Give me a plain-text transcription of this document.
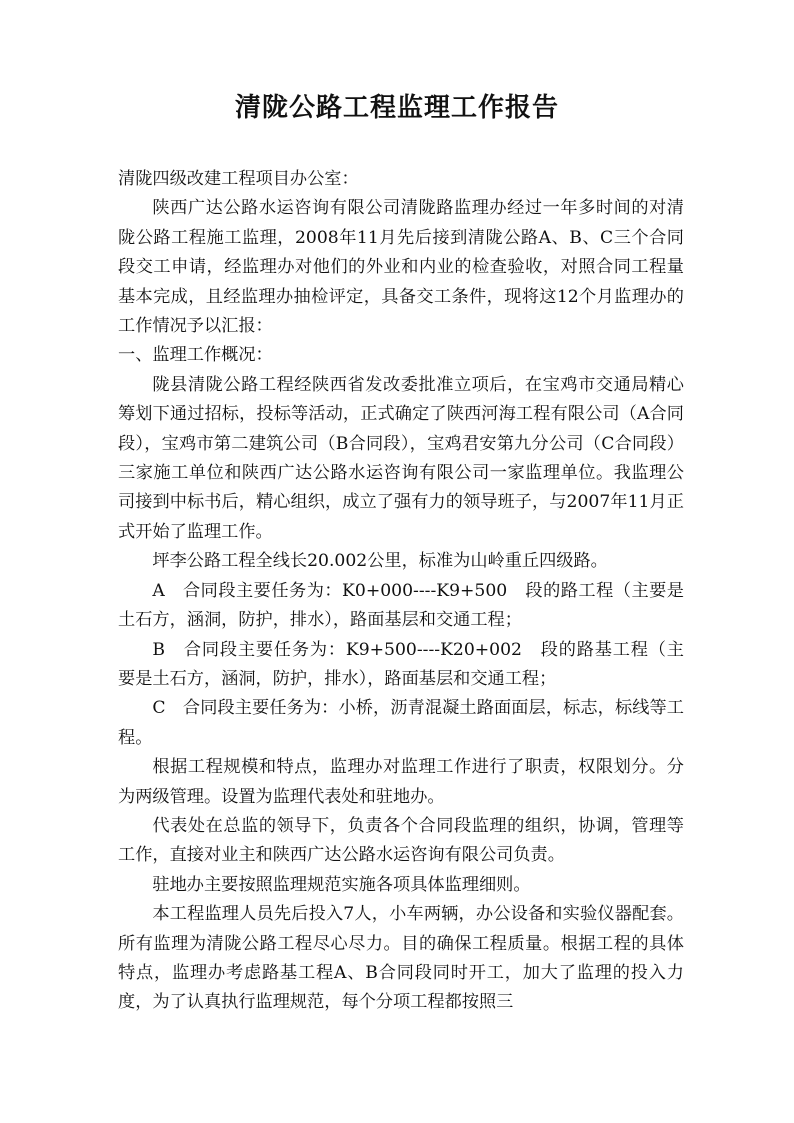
清陇公路工程监理工作报告

清陇四级改建工程项目办公室：

陕西广达公路水运咨询有限公司清陇路监理办经过一年多时间的对清陇公路工程施工监理，2008年11月先后接到清陇公路A、B、C三个合同段交工申请，经监理办对他们的外业和内业的检查验收，对照合同工程量基本完成，且经监理办抽检评定，具备交工条件，现将这12个月监理办的工作情况予以汇报：

一、监理工作概况：

陇县清陇公路工程经陕西省发改委批准立项后，在宝鸡市交通局精心筹划下通过招标，投标等活动，正式确定了陕西河海工程有限公司（A合同段），宝鸡市第二建筑公司（B合同段），宝鸡君安第九分公司（C合同段）三家施工单位和陕西广达公路水运咨询有限公司一家监理单位。我监理公司接到中标书后，精心组织，成立了强有力的领导班子，与2007年11月正式开始了监理工作。

坪李公路工程全线长20.002公里，标准为山岭重丘四级路。

A　合同段主要任务为：K0+000----K9+500　段的路工程（主要是土石方，涵洞，防护，排水），路面基层和交通工程；

B　合同段主要任务为：K9+500----K20+002　段的路基工程（主要是土石方，涵洞，防护，排水），路面基层和交通工程；

C　合同段主要任务为：小桥，沥青混凝土路面面层，标志，标线等工程。

根据工程规模和特点，监理办对监理工作进行了职责，权限划分。分为两级管理。设置为监理代表处和驻地办。

代表处在总监的领导下，负责各个合同段监理的组织，协调，管理等工作，直接对业主和陕西广达公路水运咨询有限公司负责。

驻地办主要按照监理规范实施各项具体监理细则。

本工程监理人员先后投入7人，小车两辆，办公设备和实验仪器配套。所有监理为清陇公路工程尽心尽力。目的确保工程质量。根据工程的具体特点，监理办考虑路基工程A、B合同段同时开工，加大了监理的投入力度，为了认真执行监理规范，每个分项工程都按照三
